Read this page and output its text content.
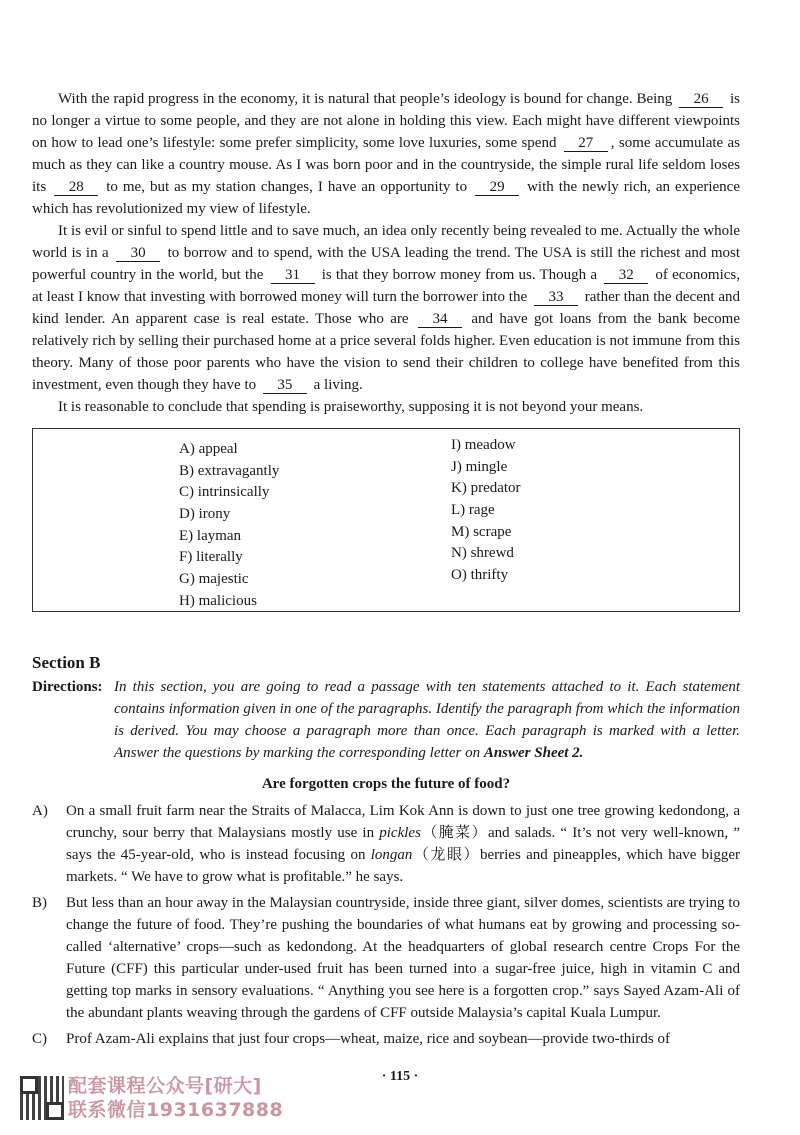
With the rapid progress in the economy, it is natural that people’s ideology is bound for change. Being 26 is no longer a virtue to some people, and they are not alone in holding this view. Each might have different viewpoints on how to lead one’s lifestyle: some prefer simplicity, some love luxuries, some spend 27 , some accumulate as much as they can like a country mouse. As I was born poor and in the countryside, the simple rural life seldom loses its 28 to me, but as my station changes, I have an opportunity to 29 with the newly rich, an experience which has revolutionized my view of lifestyle.

It is evil or sinful to spend little and to save much, an idea only recently being revealed to me. Actually the whole world is in a 30 to borrow and to spend, with the USA leading the trend. The USA is still the richest and most powerful country in the world, but the 31 is that they borrow money from us. Though a 32 of economics, at least I know that investing with borrowed money will turn the borrower into the 33 rather than the decent and kind lender. An apparent case is real estate. Those who are 34 and have got loans from the bank become relatively rich by selling their purchased home at a price several folds higher. Even education is not immune from this theory. Many of those poor parents who have the vision to send their children to college have benefited from this investment, even though they have to 35 a living.

It is reasonable to conclude that spending is praiseworthy, supposing it is not beyond your means.

A) appeal
B) extravagantly
C) intrinsically
D) irony
E) layman
F) literally
G) majestic
H) malicious
I) meadow
J) mingle
K) predator
L) rage
M) scrape
N) shrewd
O) thrifty
Section B
Directions: In this section, you are going to read a passage with ten statements attached to it. Each statement contains information given in one of the paragraphs. Identify the paragraph from which the information is derived. You may choose a paragraph more than once. Each paragraph is marked with a letter. Answer the questions by marking the corresponding letter on Answer Sheet 2.
Are forgotten crops the future of food?
A) On a small fruit farm near the Straits of Malacca, Lim Kok Ann is down to just one tree growing kedondong, a crunchy, sour berry that Malaysians mostly use in pickles（腌菜）and salads. “ It’s not very well-known, ” says the 45-year-old, who is instead focusing on longan（龙眼）berries and pineapples, which have bigger markets. “ We have to grow what is profitable.” he says.
B) But less than an hour away in the Malaysian countryside, inside three giant, silver domes, scientists are trying to change the future of food. They’re pushing the boundaries of what humans eat by growing and processing so-called ‘alternative’ crops—such as kedondong. At the headquarters of global research centre Crops For the Future (CFF) this particular under-used fruit has been turned into a sugar-free juice, high in vitamin C and getting top marks in sensory evaluations. “ Anything you see here is a forgotten crop.” says Sayed Azam-Ali of the abundant plants weaving through the gardens of CFF outside Malaysia’s capital Kuala Lumpur.
C) Prof Azam-Ali explains that just four crops—wheat, maize, rice and soybean—provide two-thirds of
· 115 ·
配套课程公众号[研大]
联系微信1931637888
